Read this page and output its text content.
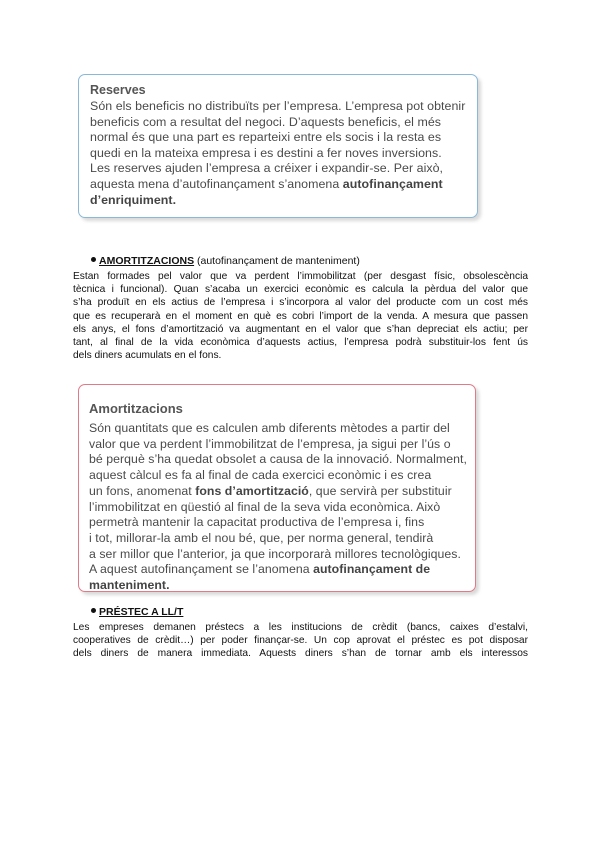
Reserves
Són els beneficis no distribuïts per l’empresa. L’empresa pot obtenir
beneficis com a resultat del negoci. D’aquests beneficis, el més
normal és que una part es reparteixi entre els socis i la resta es
quedi en la mateixa empresa i es destini a fer noves inversions.
Les reserves ajuden l’empresa a créixer i expandir-se. Per això,
aquesta mena d’autofinançament s’anomena autofinançament
d’enriquiment.
AMORTITZACIONS (autofinançament de manteniment)
Estan formades pel valor que va perdent l’immobilitzat (per desgast físic, obsolescència
tècnica i funcional). Quan s’acaba un exercici econòmic es calcula la pèrdua del valor que
s’ha produït en els actius de l’empresa i s’incorpora al valor del producte com un cost més
que es recuperarà en el moment en què es cobri l’import de la venda. A mesura que passen
els anys, el fons d’amortització va augmentant en el valor que s’han depreciat els actiu; per
tant, al final de la vida econòmica d’aquests actius, l’empresa podrà substituir-los fent ús
dels diners acumulats en el fons.
Amortitzacions
Són quantitats que es calculen amb diferents mètodes a partir del
valor que va perdent l’immobilitzat de l’empresa, ja sigui per l’ús o
bé perquè s’ha quedat obsolet a causa de la innovació. Normalment,
aquest càlcul es fa al final de cada exercici econòmic i es crea
un fons, anomenat fons d’amortització, que servirà per substituir
l’immobilitzat en qüestió al final de la seva vida econòmica. Això
permetrà mantenir la capacitat productiva de l’empresa i, fins
i tot, millorar-la amb el nou bé, que, per norma general, tendirà
a ser millor que l’anterior, ja que incorporarà millores tecnològiques.
A aquest autofinançament se l’anomena autofinançament de
manteniment.
PRÉSTEC A LL/T
Les empreses demanen préstecs a les institucions de crèdit (bancs, caixes d’estalvi,
cooperatives de crèdit…) per poder finançar-se. Un cop aprovat el préstec es pot disposar
dels diners de manera immediata. Aquests diners s’han de tornar amb els interessos
